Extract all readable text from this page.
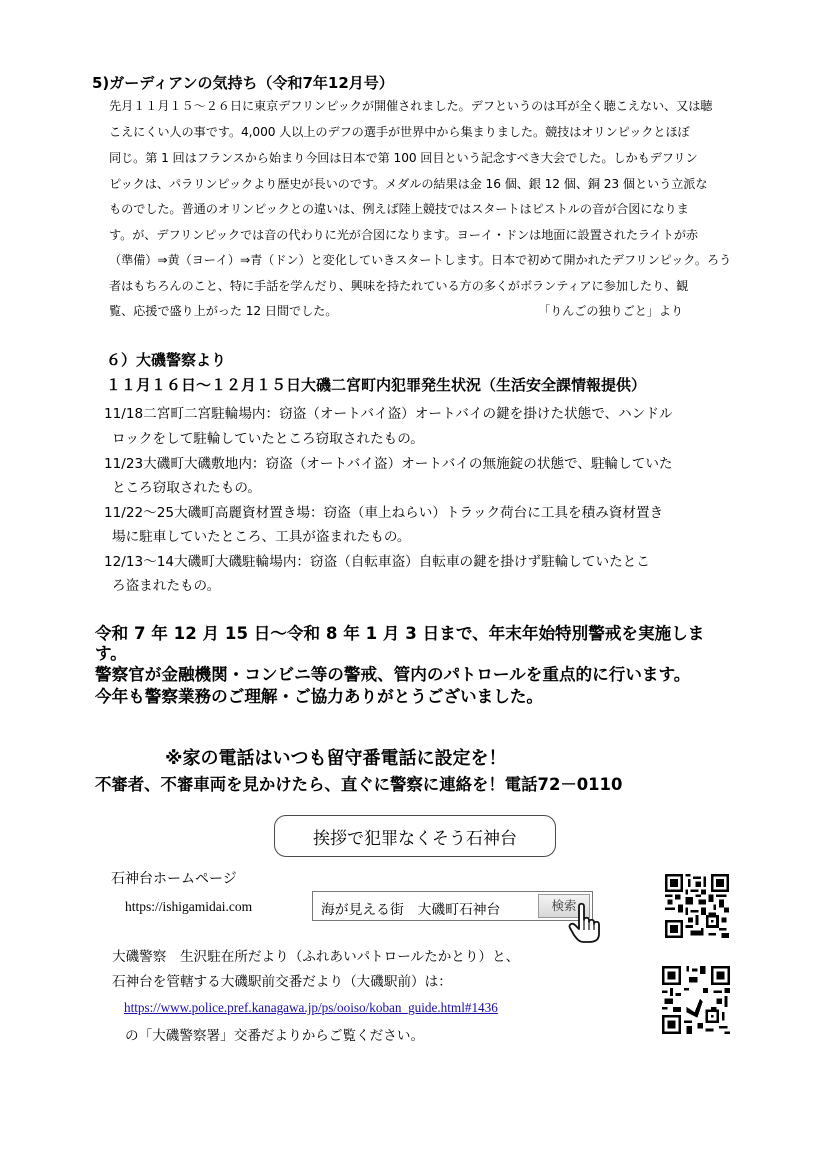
5)ガーディアンの気持ち（令和7年12月号）
先月１１月１５～２６日に東京デフリンピックが開催されました。デフというのは耳が全く聴こえない、又は聴
こえにくい人の事です。4,000 人以上のデフの選手が世界中から集まりました。競技はオリンピックとほぼ
同じ。第 1 回はフランスから始まり今回は日本で第 100 回目という記念すべき大会でした。しかもデフリン
ピックは、パラリンピックより歴史が長いのです。メダルの結果は金 16 個、銀 12 個、銅 23 個という立派な
ものでした。普通のオリンピックとの違いは、例えば陸上競技ではスタートはピストルの音が合図になりま
す。が、デフリンピックでは音の代わりに光が合図になります。ヨーイ・ドンは地面に設置されたライトが赤
（準備）⇒黄（ヨーイ）⇒青（ドン）と変化していきスタートします。日本で初めて開かれたデフリンピック。ろう
者はもちろんのこと、特に手話を学んだり、興味を持たれている方の多くがボランティアに参加したり、観
覧、応援で盛り上がった 12 日間でした。	「りんごの独りごと」より
６）大磯警察より
１１月１６日～１２月１５日大磯二宮町内犯罪発生状況（生活安全課情報提供）
11/18二宮町二宮駐輪場内：窃盗（オートバイ盗）オートバイの鍵を掛けた状態で、ハンドル
ロックをして駐輪していたところ窃取されたもの。
11/23大磯町大磯敷地内：窃盗（オートバイ盗）オートバイの無施錠の状態で、駐輪していた
ところ窃取されたもの。
11/22～25大磯町高麗資材置き場：窃盗（車上ねらい）トラック荷台に工具を積み資材置き
場に駐車していたところ、工具が盗まれたもの。
12/13～14大磯町大磯駐輪場内：窃盗（自転車盗）自転車の鍵を掛けず駐輪していたとこ
ろ盗まれたもの。
令和 7 年 12 月 15 日～令和 8 年 1 月 3 日まで、年末年始特別警戒を実施しま
す。
警察官が金融機関・コンビニ等の警戒、管内のパトロールを重点的に行います。
今年も警察業務のご理解・ご協力ありがとうございました。
※家の電話はいつも留守番電話に設定を！
不審者、不審車両を見かけたら、直ぐに警察に連絡を！電話72－0110
挨拶で犯罪なくそう石神台
石神台ホームページ
https://ishigamidai.com	海が見える街　大磯町石神台	検索
大磯警察　生沢駐在所だより（ふれあいパトロールたかとり）と、
石神台を管轄する大磯駅前交番だより（大磯駅前）は：
https://www.police.pref.kanagawa.jp/ps/ooiso/koban_guide.html#1436
の「大磯警察署」交番だよりからご覧ください。
